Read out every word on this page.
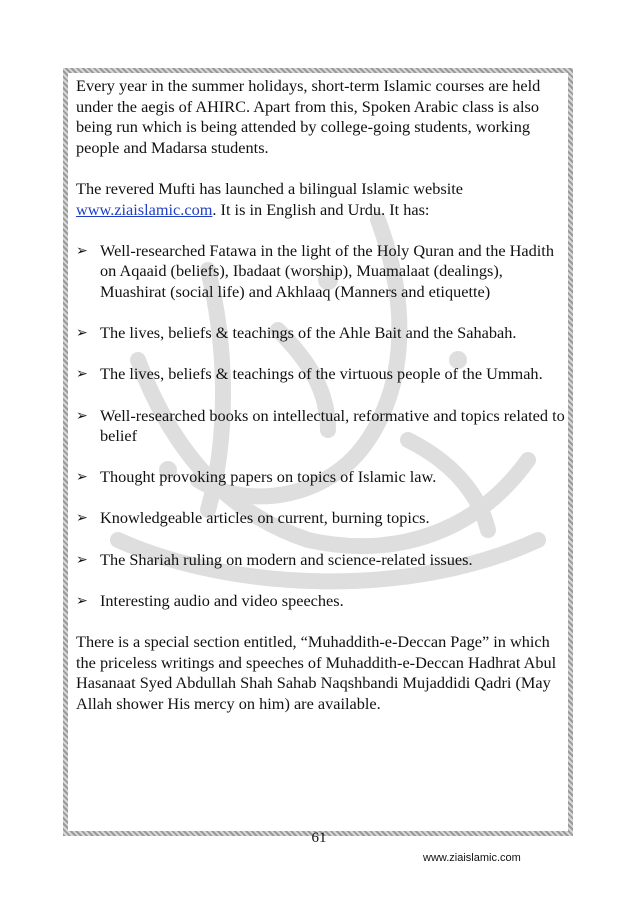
Every year in the summer holidays, short-term Islamic courses are held under the aegis of AHIRC. Apart from this, Spoken Arabic class is also being run which is being attended by college-going students, working people and Madarsa students.

The revered Mufti has launched a bilingual Islamic website www.ziaislamic.com. It is in English and Urdu. It has:

➢ Well-researched Fatawa in the light of the Holy Quran and the Hadith on Aqaaid (beliefs), Ibadaat (worship), Muamalaat (dealings), Muashirat (social life) and Akhlaaq (Manners and etiquette)
➢ The lives, beliefs & teachings of the Ahle Bait and the Sahabah.
➢ The lives, beliefs & teachings of the virtuous people of the Ummah.
➢ Well-researched books on intellectual, reformative and topics related to belief
➢ Thought provoking papers on topics of Islamic law.
➢ Knowledgeable articles on current, burning topics.
➢ The Shariah ruling on modern and science-related issues.
➢ Interesting audio and video speeches.

There is a special section entitled, “Muhaddith-e-Deccan Page” in which the priceless writings and speeches of Muhaddith-e-Deccan Hadhrat Abul Hasanaat Syed Abdullah Shah Sahab Naqshbandi Mujaddidi Qadri (May Allah shower His mercy on him) are available.

61
www.ziaislamic.com
